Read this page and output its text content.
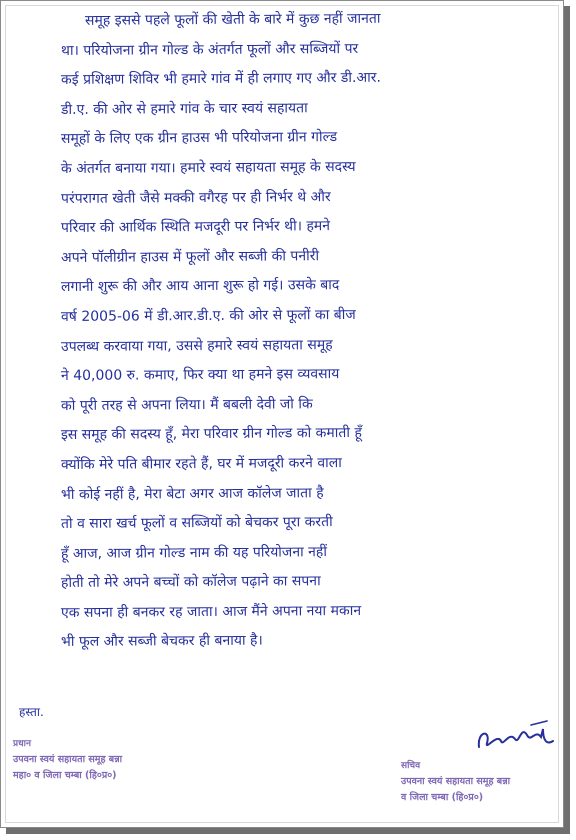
समूह इससे पहले फूलों की खेती के बारे में कुछ नहीं जानता
था। परियोजना ग्रीन गोल्ड के अंतर्गत फूलों और सब्जियों पर
कई प्रशिक्षण शिविर भी हमारे गांव में ही लगाए गए और डी.आर.
डी.ए. की ओर से हमारे गांव के चार स्वयं सहायता
समूहों के लिए एक ग्रीन हाउस भी परियोजना ग्रीन गोल्ड
के अंतर्गत बनाया गया। हमारे स्वयं सहायता समूह के सदस्य
परंपरागत खेती जैसे मक्की वगैरह पर ही निर्भर थे और
परिवार की आर्थिक स्थिति मजदूरी पर निर्भर थी। हमने
अपने पॉलीग्रीन हाउस में फूलों और सब्जी की पनीरी
लगानी शुरू की और आय आना शुरू हो गई। उसके बाद
वर्ष 2005-06 में डी.आर.डी.ए. की ओर से फूलों का बीज
उपलब्ध करवाया गया, उससे हमारे स्वयं सहायता समूह
ने 40,000 रु. कमाए, फिर क्या था हमने इस व्यवसाय
को पूरी तरह से अपना लिया। मैं बबली देवी जो कि
इस समूह की सदस्य हूँ, मेरा परिवार ग्रीन गोल्ड को कमाती हूँ
क्योंकि मेरे पति बीमार रहते हैं, घर में मजदूरी करने वाला
भी कोई नहीं है, मेरा बेटा अगर आज कॉलेज जाता है
तो व सारा खर्च फूलों व सब्जियों को बेचकर पूरा करती
हूँ आज, आज ग्रीन गोल्ड नाम की यह परियोजना नहीं
होती तो मेरे अपने बच्चों को कॉलेज पढ़ाने का सपना
एक सपना ही बनकर रह जाता। आज मैंने अपना नया मकान
भी फूल और सब्जी बेचकर ही बनाया है।
हस्ता.
प्रधान
उपवना स्वयं सहायता समूह बन्ना
महा० व जिला चम्बा (हि०प्र०)
सचिव
उपवना स्वयं सहायता समूह बन्ना
व जिला चम्बा (हि०प्र०)
